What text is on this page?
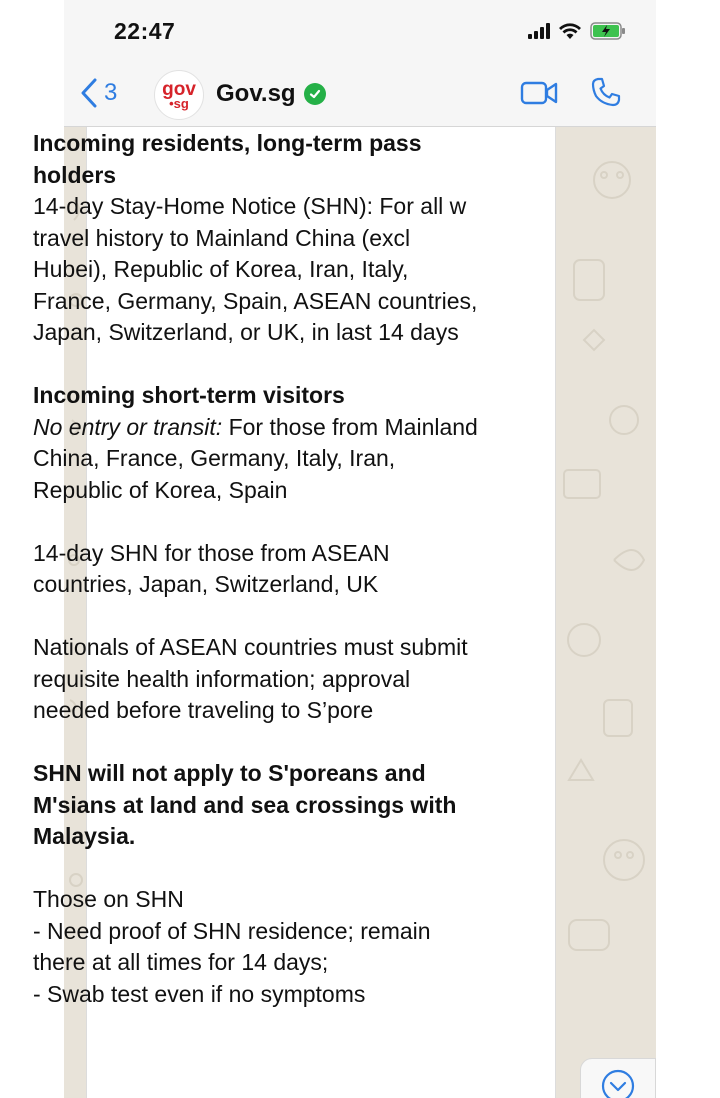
22:47
3 gov
•sg Gov.sg

Incoming residents, long-term pass holders
14-day Stay-Home Notice (SHN): For all w travel history to Mainland China (excl Hubei), Republic of Korea, Iran, Italy, France, Germany, Spain, ASEAN countries, Japan, Switzerland, or UK, in last 14 days

Incoming short-term visitors
No entry or transit: For those from Mainland China, France, Germany, Italy, Iran, Republic of Korea, Spain

14-day SHN for those from ASEAN countries, Japan, Switzerland, UK

Nationals of ASEAN countries must submit requisite health information; approval needed before traveling to S’pore

SHN will not apply to S'poreans and M'sians at land and sea crossings with Malaysia.

Those on SHN
- Need proof of SHN residence; remain there at all times for 14 days;
- Swab test even if no symptoms
